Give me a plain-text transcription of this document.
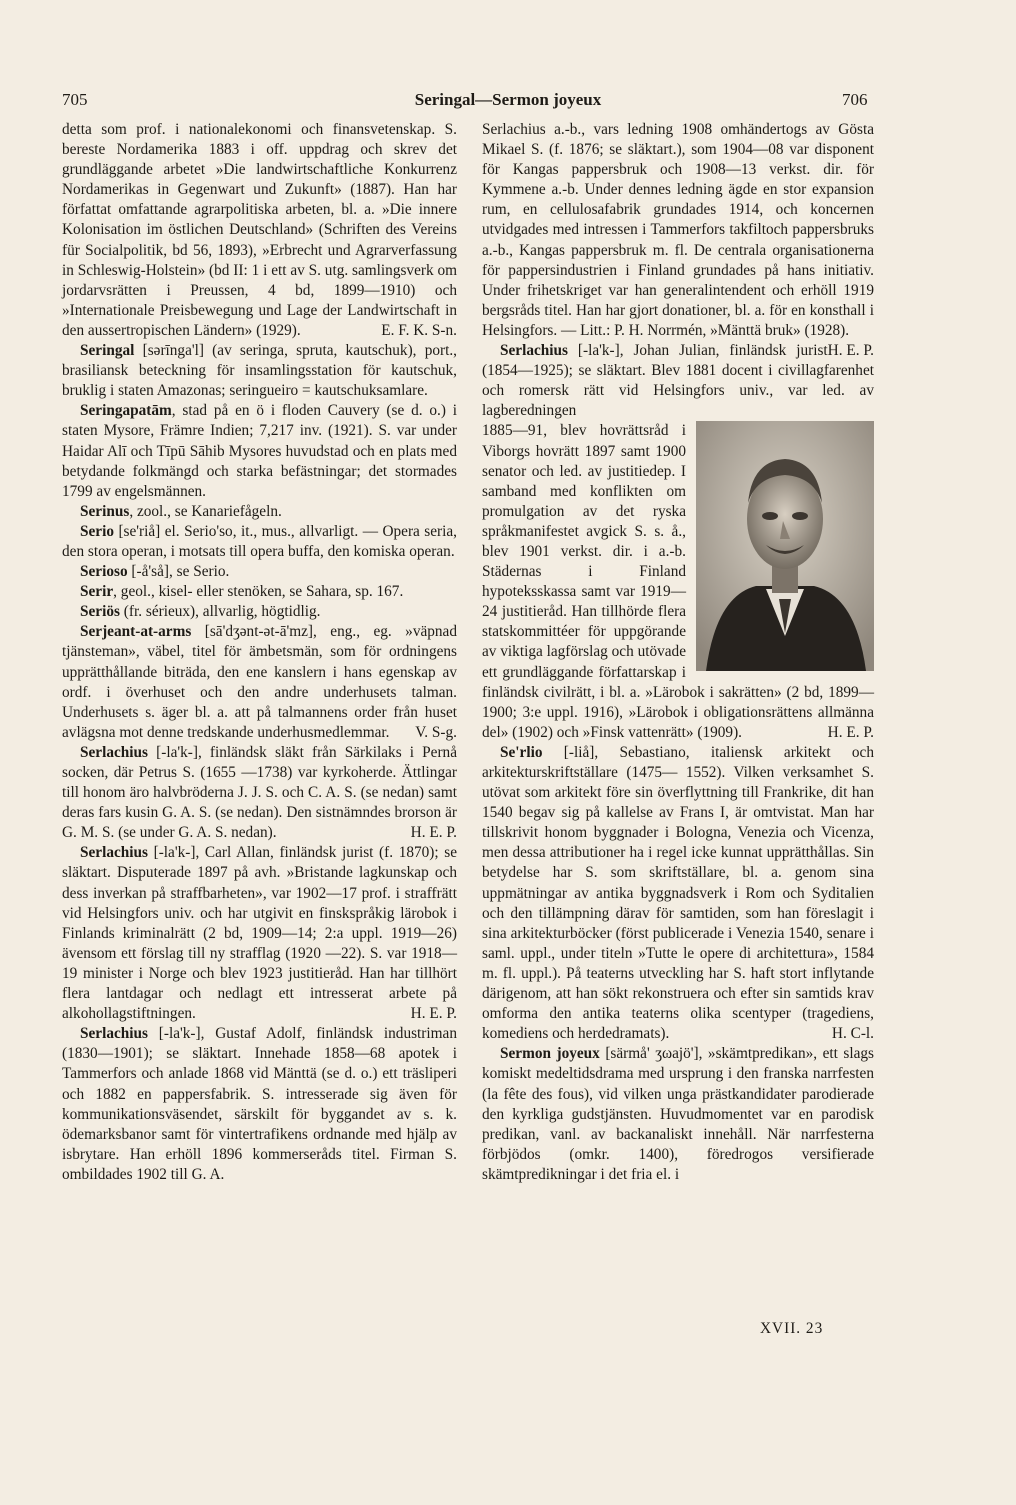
705	Seringal—Sermon joyeux	706

detta som prof. i nationalekonomi och finansvetenskap. S. bereste Nordamerika 1883 i off. uppdrag och skrev det grundläggande arbetet »Die landwirtschaftliche Konkurrenz Nordamerikas in Gegenwart und Zukunft» (1887). Han har författat omfattande agrarpolitiska arbeten, bl. a. »Die innere Kolonisation im östlichen Deutschland» (Schriften des Vereins für Socialpolitik, bd 56, 1893), »Erbrecht und Agrarverfassung in Schleswig-Holstein» (bd II: 1 i ett av S. utg. samlingsverk om jordarvsrätten i Preussen, 4 bd, 1899—1910) och »Internationale Preisbewegung und Lage der Landwirtschaft in den aussertropischen Ländern» (1929).	E. F. K. S-n.

Seringal [sərīnga'l] (av seringa, spruta, kautschuk), port., brasiliansk beteckning för insamlingsstation för kautschuk, bruklig i staten Amazonas; seringueiro = kautschuksamlare.

Seringapatām, stad på en ö i floden Cauvery (se d. o.) i staten Mysore, Främre Indien; 7,217 inv. (1921). S. var under Haidar Alī och Tīpū Sāhib Mysores huvudstad och en plats med betydande folkmängd och starka befästningar; det stormades 1799 av engelsmännen.

Serinus, zool., se Kanariefågeln.

Serio [se'riå] el. Serio'so, it., mus., allvarligt. — Opera seria, den stora operan, i motsats till opera buffa, den komiska operan.

Serioso [-å'så], se Serio.

Serir, geol., kisel- eller stenöken, se Sahara, sp. 167.

Seriös (fr. sérieux), allvarlig, högtidlig.

Serjeant-at-arms [sā'dʒənt-ət-ā'mz], eng., eg. »väpnad tjänsteman», väbel, titel för ämbetsmän, som för ordningens upprätthållande biträda, den ene kanslern i hans egenskap av ordf. i överhuset och den andre underhusets talman. Underhusets s. äger bl. a. att på talmannens order från huset avlägsna mot denne tredskande underhusmedlemmar.	V. S-g.

Serlachius [-la'k-], finländsk släkt från Särkilaks i Pernå socken, där Petrus S. (1655 —1738) var kyrkoherde. Ättlingar till honom äro halvbröderna J. J. S. och C. A. S. (se nedan) samt deras fars kusin G. A. S. (se nedan). Den sistnämndes brorson är G. M. S. (se under G. A. S. nedan).	H. E. P.

Serlachius [-la'k-], Carl Allan, finländsk jurist (f. 1870); se släktart. Disputerade 1897 på avh. »Bristande lagkunskap och dess inverkan på straffbarheten», var 1902—17 prof. i straffrätt vid Helsingfors univ. och har utgivit en finskspråkig lärobok i Finlands kriminalrätt (2 bd, 1909—14; 2:a uppl. 1919—26) ävensom ett förslag till ny strafflag (1920 —22). S. var 1918—19 minister i Norge och blev 1923 justitieråd. Han har tillhört flera lantdagar och nedlagt ett intresserat arbete på alkohollagstiftningen.	H. E. P.

Serlachius [-la'k-], Gustaf Adolf, finländsk industriman (1830—1901); se släktart. Innehade 1858—68 apotek i Tammerfors och anlade 1868 vid Mänttä (se d. o.) ett träsliperi och 1882 en pappersfabrik. S. intresserade sig även för kommunikationsväsendet, särskilt för byggandet av s. k. ödemarksbanor samt för vintertrafikens ordnande med hjälp av isbrytare. Han erhöll 1896 kommerseråds titel. Firman S. ombildades 1902 till G. A.

Serlachius a.-b., vars ledning 1908 omhändertogs av Gösta Mikael S. (f. 1876; se släktart.), som 1904—08 var disponent för Kangas pappersbruk och 1908—13 verkst. dir. för Kymmene a.-b. Under dennes ledning ägde en stor expansion rum, en cellulosafabrik grundades 1914, och koncernen utvidgades med intressen i Tammerfors takfiltoch pappersbruks a.-b., Kangas pappersbruk m. fl. De centrala organisationerna för pappersindustrien i Finland grundades på hans initiativ. Under frihetskriget var han generalintendent och erhöll 1919 bergsråds titel. Han har gjort donationer, bl. a. för en konsthall i Helsingfors. — Litt.: P. H. Norrmén, »Mänttä bruk» (1928).
H. E. P.

Serlachius [-la'k-], Johan Julian, finländsk jurist (1854—1925); se släktart. Blev 1881 docent i civillagfarenhet och romersk rätt vid Helsingfors univ., var led. av lagberedningen

1885—91, blev hovrättsråd i Viborgs hovrätt 1897 samt 1900 senator och led. av justitiedep. I samband med konflikten om promulgation av det ryska språkmanifestet avgick S. s. å., blev 1901 verkst. dir. i a.-b. Städernas i Finland hypoteksskassa samt var 1919—24 justitieråd. Han tillhörde flera statskommittéer för uppgörande av viktiga lagförslag och utövade ett grundläggande författarskap i finländsk civilrätt, i bl. a. »Lärobok i sakrätten» (2 bd, 1899—1900; 3:e uppl. 1916), »Lärobok i obligationsrättens allmänna del» (1902) och »Finsk vattenrätt» (1909).	H. E. P.

Se'rlio [-liå], Sebastiano, italiensk arkitekt och arkitekturskriftställare (1475— 1552). Vilken verksamhet S. utövat som arkitekt före sin överflyttning till Frankrike, dit han 1540 begav sig på kallelse av Frans I, är omtvistat. Man har tillskrivit honom byggnader i Bologna, Venezia och Vicenza, men dessa attributioner ha i regel icke kunnat upprätthållas. Sin betydelse har S. som skriftställare, bl. a. genom sina uppmätningar av antika byggnadsverk i Rom och Syditalien och den tillämpning därav för samtiden, som han föreslagit i sina arkitekturböcker (först publicerade i Venezia 1540, senare i saml. uppl., under titeln »Tutte le opere di architettura», 1584 m. fl. uppl.). På teaterns utveckling har S. haft stort inflytande därigenom, att han sökt rekonstruera och efter sin samtids krav omforma den antika teaterns olika scentyper (tragediens, komediens och herdedramats).	H. C-l.

Sermon joyeux [särmå' ʒωajö'], »skämtpredikan», ett slags komiskt medeltidsdrama med ursprung i den franska narrfesten (la fête des fous), vid vilken unga prästkandidater parodierade den kyrkliga gudstjänsten. Huvudmomentet var en parodisk predikan, vanl. av backanaliskt innehåll. När narrfesterna förbjödos (omkr. 1400), föredrogos versifierade skämtpredikningar i det fria el. i

XVII. 23
